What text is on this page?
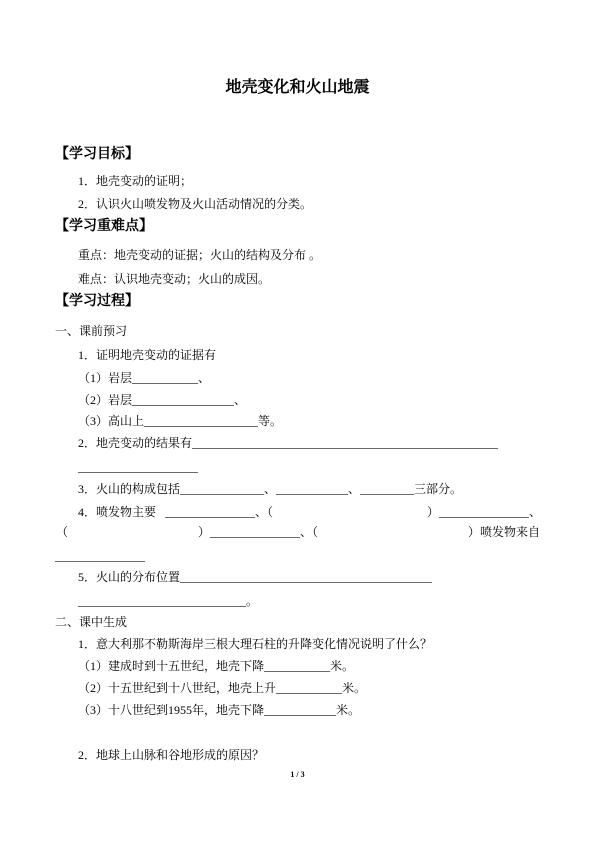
地壳变化和火山地震
【学习目标】
1．地壳变动的证明；
2．认识火山喷发物及火山活动情况的分类。
【学习重难点】
重点：地壳变动的证据；火山的结构及分布 。
难点：认识地壳变动；火山的成因。
【学习过程】
一、课前预习
1．证明地壳变动的证据有
（1）岩层___________、
（2）岩层_________________、
（3）高山上___________________等。
2．地壳变动的结果有___________________________________________________
____________________
3．火山的构成包括______________、____________、_________三部分。
4．喷发物主要 _______________ 、（	） _______________ 、
（	） _______________ 、（	）喷发物来自
_______________
5．火山的分布位置__________________________________________
____________________________。
二、课中生成
1．意大利那不勒斯海岸三根大理石柱的升降变化情况说明了什么？
（1）建成时到十五世纪，地壳下降___________米。
（2）十五世纪到十八世纪，地壳上升___________米。
（3）十八世纪到1955年，地壳下降____________米。
2．地球上山脉和谷地形成的原因？
1 / 3
